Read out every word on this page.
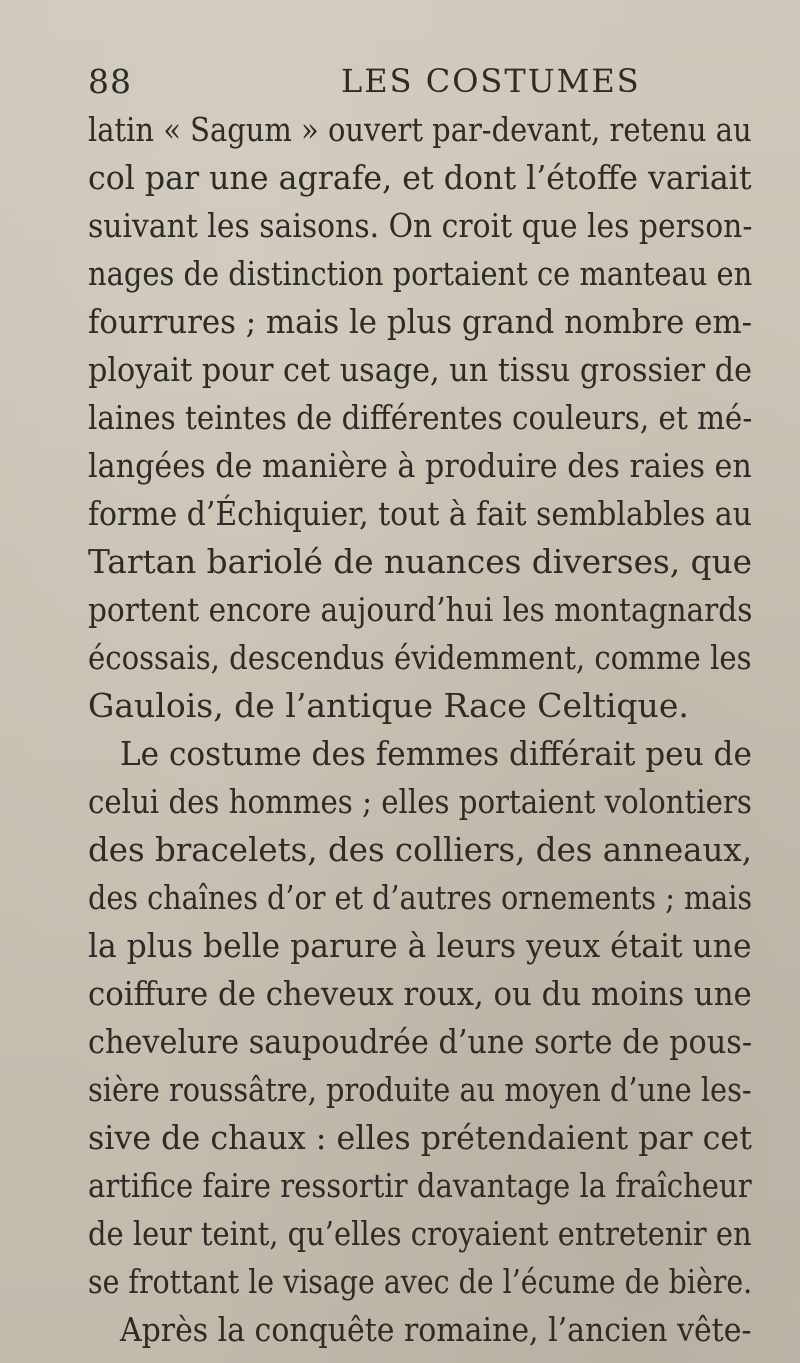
88	LES COSTUMES
latin « Sagum » ouvert par-devant, retenu au
col par une agrafe, et dont l’étoffe variait
suivant les saisons. On croit que les person-
nages de distinction portaient ce manteau en
fourrures ; mais le plus grand nombre em-
ployait pour cet usage, un tissu grossier de
laines teintes de différentes couleurs, et mé-
langées de manière à produire des raies en
forme d’Échiquier, tout à fait semblables au
Tartan bariolé de nuances diverses, que
portent encore aujourd’hui les montagnards
écossais, descendus évidemment, comme les
Gaulois, de l’antique Race Celtique.
Le costume des femmes différait peu de
celui des hommes ; elles portaient volontiers
des bracelets, des colliers, des anneaux,
des chaînes d’or et d’autres ornements ; mais
la plus belle parure à leurs yeux était une
coiffure de cheveux roux, ou du moins une
chevelure saupoudrée d’une sorte de pous-
sière roussâtre, produite au moyen d’une les-
sive de chaux : elles prétendaient par cet
artifice faire ressortir davantage la fraîcheur
de leur teint, qu’elles croyaient entretenir en
se frottant le visage avec de l’écume de bière.
Après la conquête romaine, l’ancien vête-
